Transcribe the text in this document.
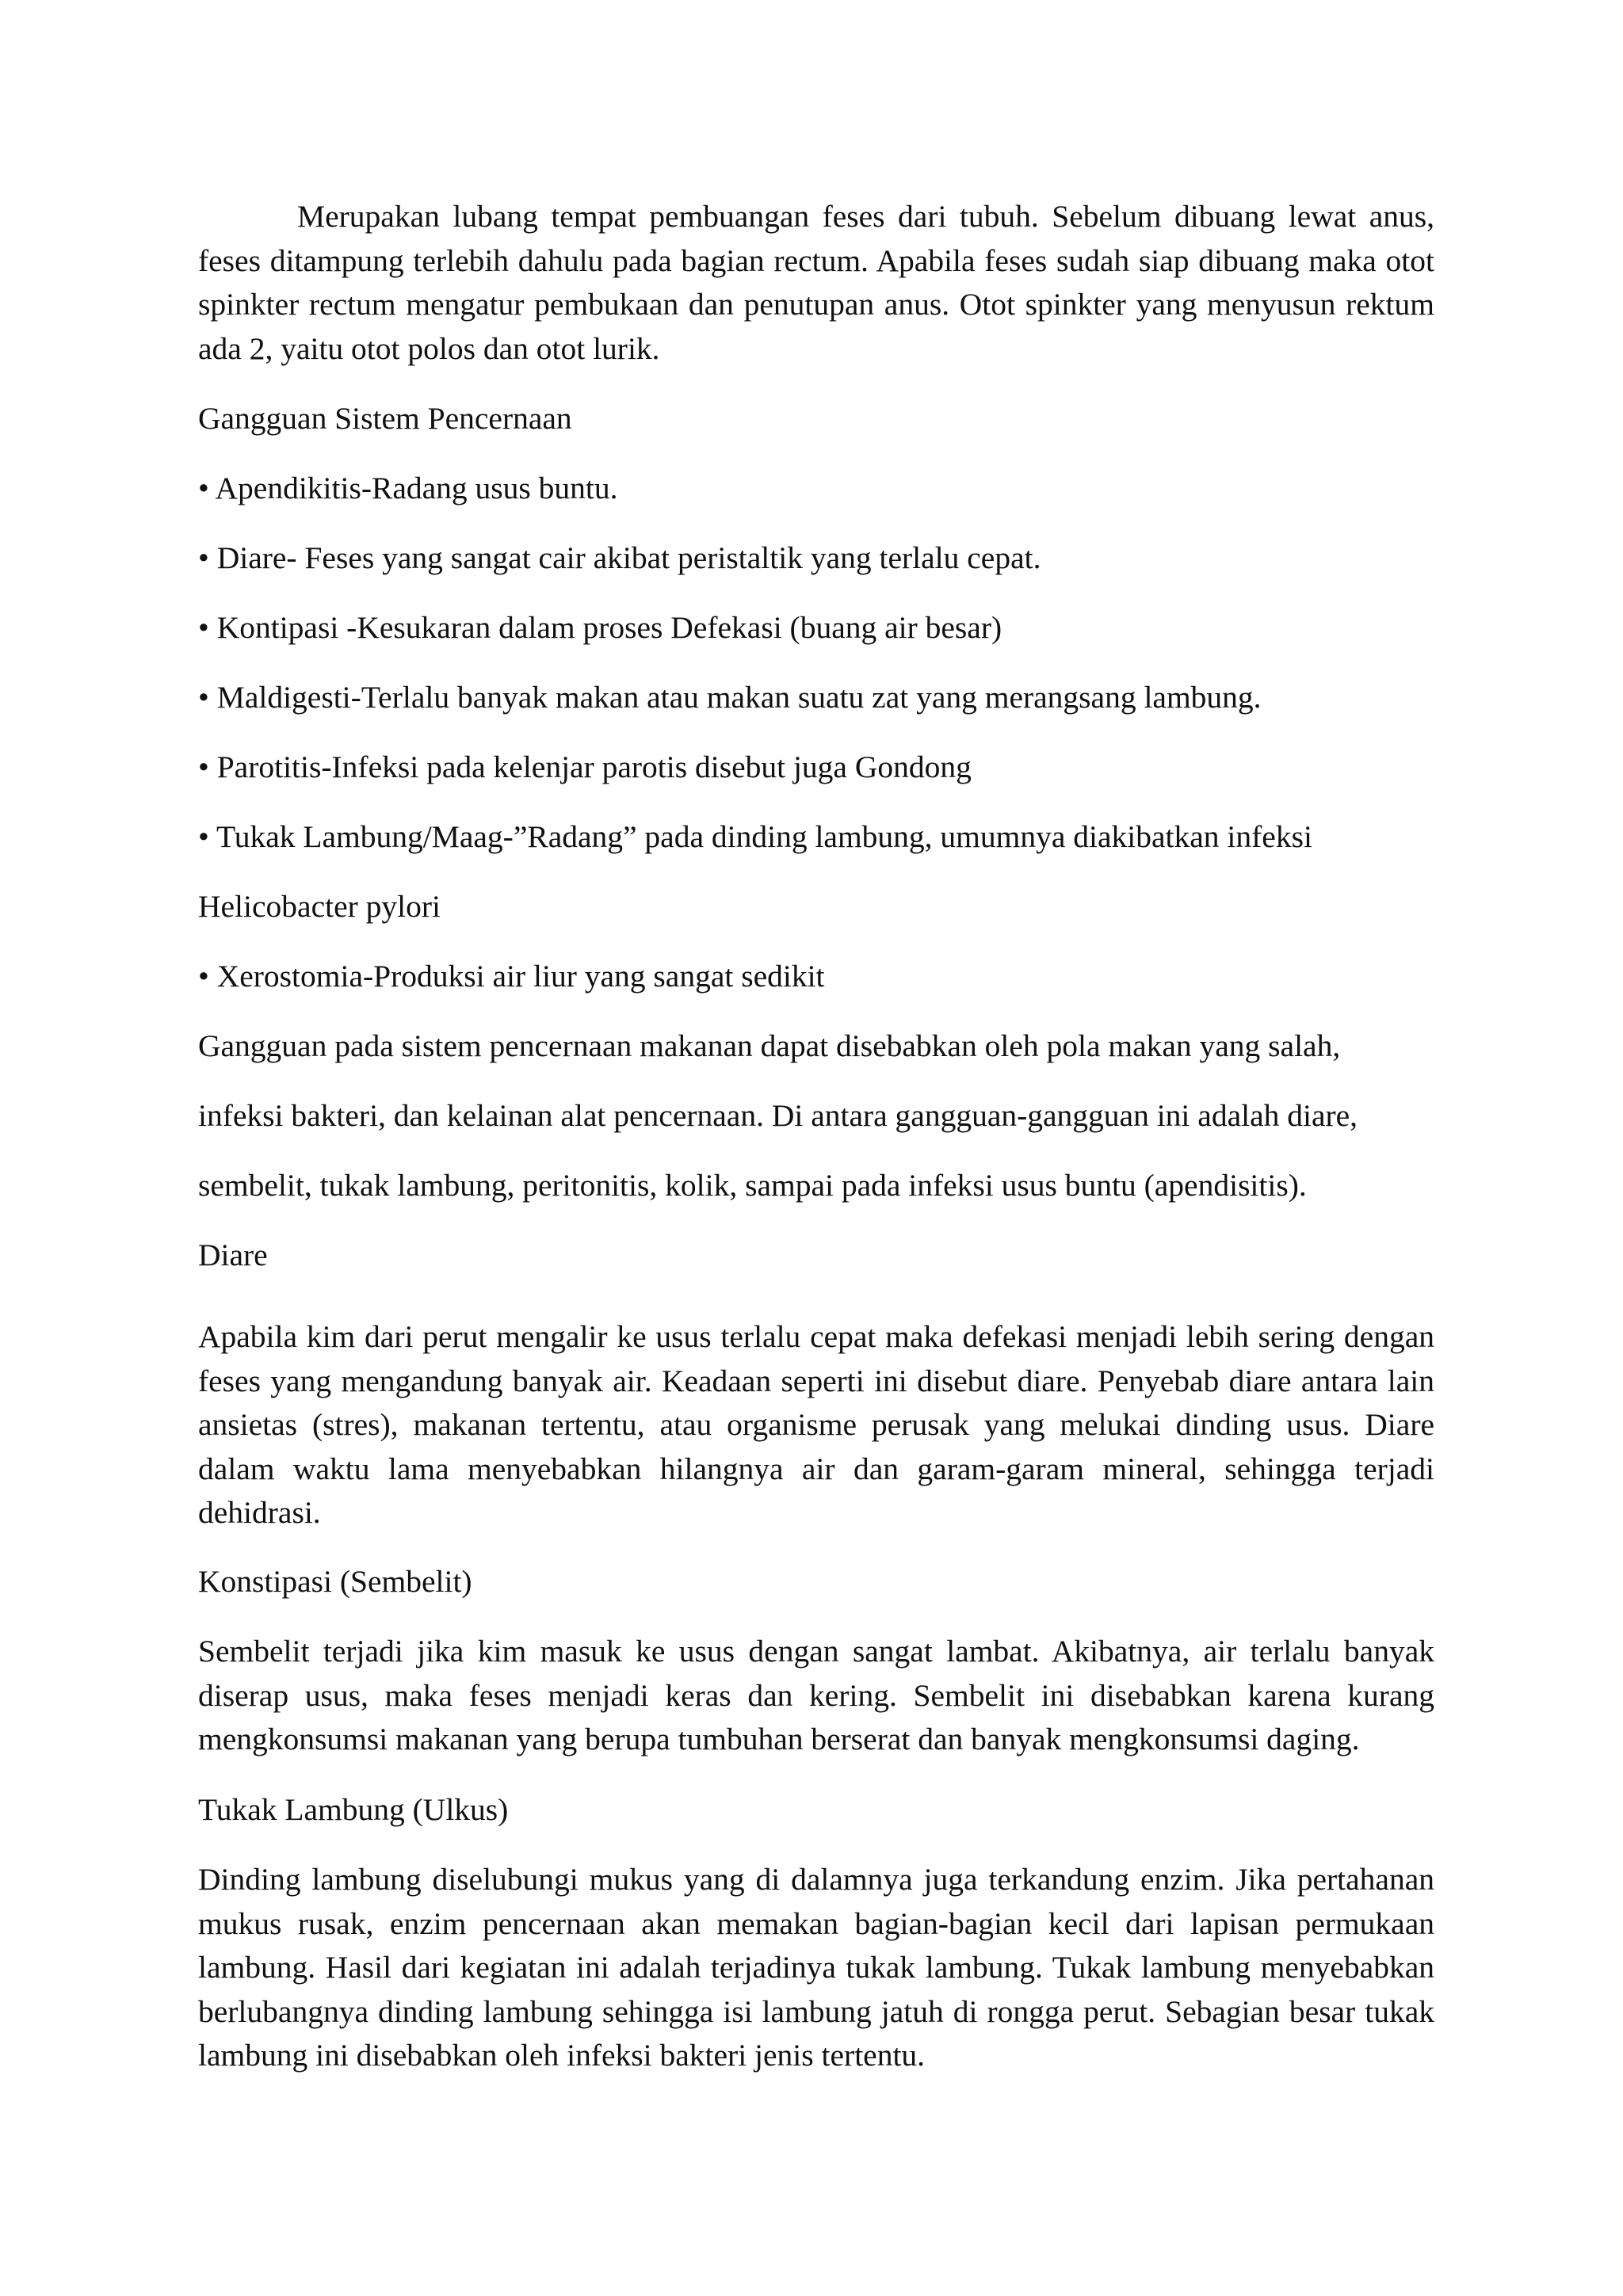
Merupakan lubang tempat pembuangan feses dari tubuh. Sebelum dibuang lewat anus, feses ditampung terlebih dahulu pada bagian rectum. Apabila feses sudah siap dibuang maka otot spinkter rectum mengatur pembukaan dan penutupan anus. Otot spinkter yang menyusun rektum ada 2, yaitu otot polos dan otot lurik.

Gangguan Sistem Pencernaan

• Apendikitis-Radang usus buntu.

• Diare- Feses yang sangat cair akibat peristaltik yang terlalu cepat.

• Kontipasi -Kesukaran dalam proses Defekasi (buang air besar)

• Maldigesti-Terlalu banyak makan atau makan suatu zat yang merangsang lambung.

• Parotitis-Infeksi pada kelenjar parotis disebut juga Gondong

• Tukak Lambung/Maag-”Radang” pada dinding lambung, umumnya diakibatkan infeksi

Helicobacter pylori

• Xerostomia-Produksi air liur yang sangat sedikit

Gangguan pada sistem pencernaan makanan dapat disebabkan oleh pola makan yang salah,

infeksi bakteri, dan kelainan alat pencernaan. Di antara gangguan-gangguan ini adalah diare,

sembelit, tukak lambung, peritonitis, kolik, sampai pada infeksi usus buntu (apendisitis).

Diare

Apabila kim dari perut mengalir ke usus terlalu cepat maka defekasi menjadi lebih sering dengan feses yang mengandung banyak air. Keadaan seperti ini disebut diare. Penyebab diare antara lain ansietas (stres), makanan tertentu, atau organisme perusak yang melukai dinding usus. Diare dalam waktu lama menyebabkan hilangnya air dan garam-garam mineral, sehingga terjadi dehidrasi.

Konstipasi (Sembelit)

Sembelit terjadi jika kim masuk ke usus dengan sangat lambat. Akibatnya, air terlalu banyak diserap usus, maka feses menjadi keras dan kering. Sembelit ini disebabkan karena kurang mengkonsumsi makanan yang berupa tumbuhan berserat dan banyak mengkonsumsi daging.

Tukak Lambung (Ulkus)

Dinding lambung diselubungi mukus yang di dalamnya juga terkandung enzim. Jika pertahanan mukus rusak, enzim pencernaan akan memakan bagian-bagian kecil dari lapisan permukaan lambung. Hasil dari kegiatan ini adalah terjadinya tukak lambung. Tukak lambung menyebabkan berlubangnya dinding lambung sehingga isi lambung jatuh di rongga perut. Sebagian besar tukak lambung ini disebabkan oleh infeksi bakteri jenis tertentu.
